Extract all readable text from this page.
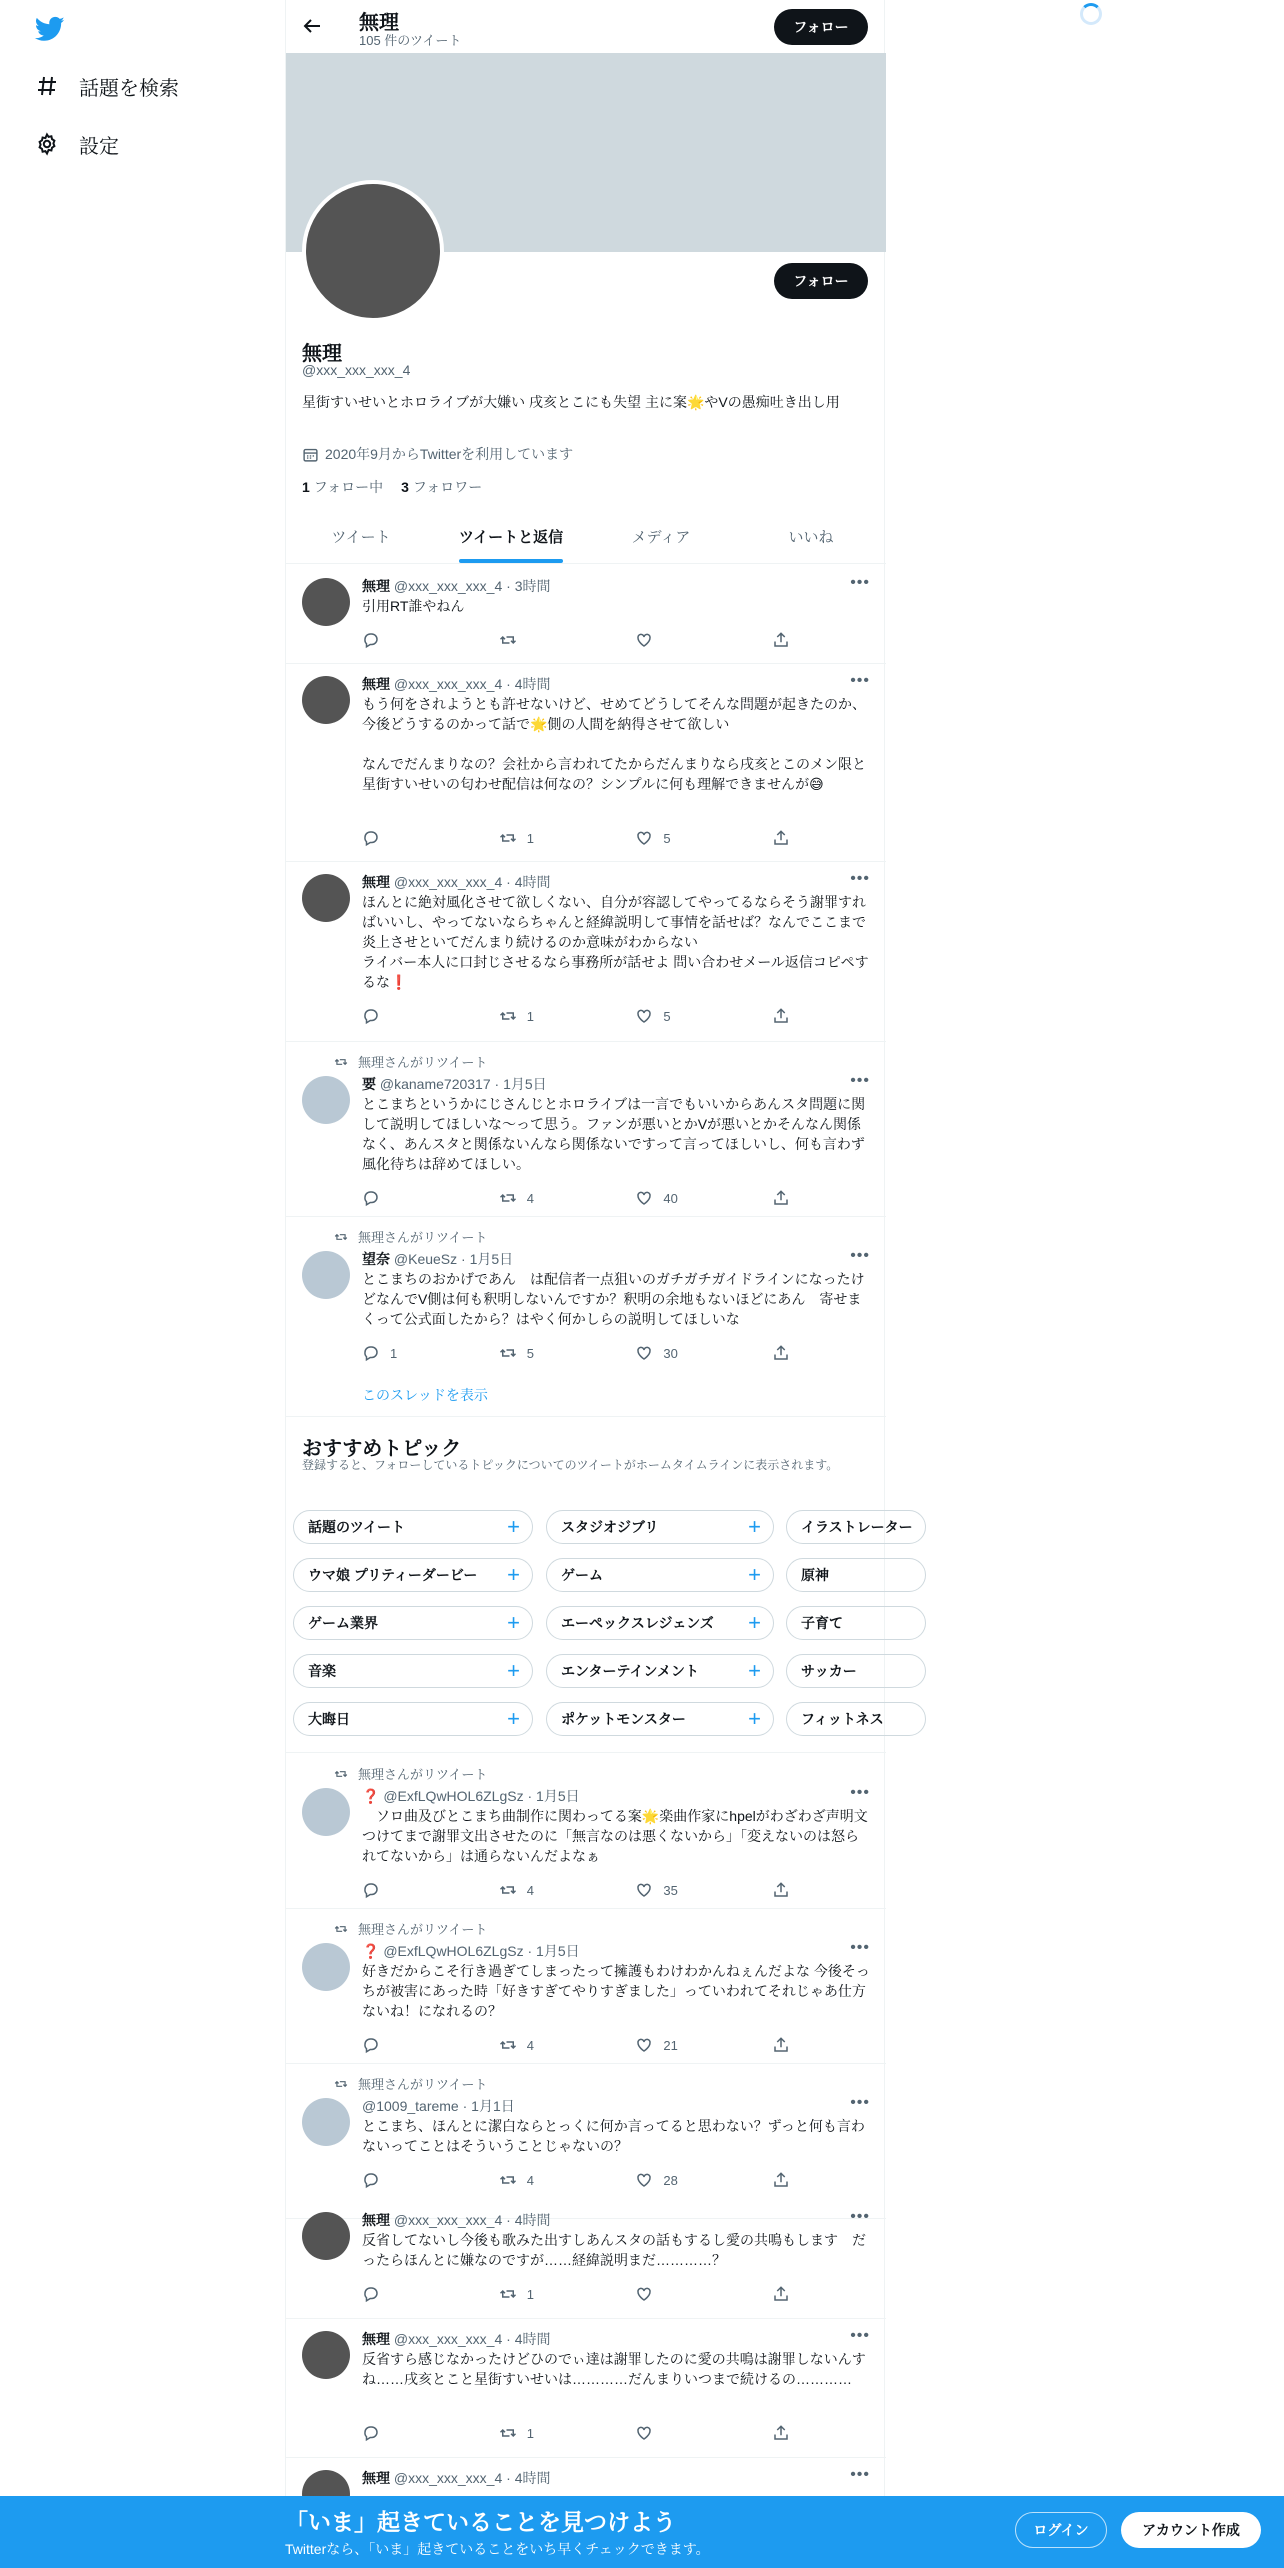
話題を検索
設定
無理
105 件のツイート
フォロー
フォロー
無理
@xxx_xxx_xxx_4
星街すいせいとホロライブが大嫌い 戌亥とこにも失望 主に案🌟やVの愚痴吐き出し用
2020年9月からTwitterを利用しています
1 フォロー中 3 フォロワー
ツイート	ツイートと返信	メディア	いいね
無理 @xxx_xxx_xxx_4 · 3時間	•••
引用RT誰やねん
無理 @xxx_xxx_xxx_4 · 4時間	•••
もう何をされようとも許せないけど、せめてどうしてそんな問題が起きたのか、今後どうするのかって話で🌟側の人間を納得させて欲しい

なんでだんまりなの？会社から言われてたからだんまりなら戌亥とこのメン限と星街すいせいの匂わせ配信は何なの？シンプルに何も理解できませんが😅
1	5
無理 @xxx_xxx_xxx_4 · 4時間	•••
ほんとに絶対風化させて欲しくない、自分が容認してやってるならそう謝罪すればいいし、やってないならちゃんと経緯説明して事情を話せば？なんでここまで炎上させといてだんまり続けるのか意味がわからない
ライバー本人に口封じさせるなら事務所が話せよ 問い合わせメール返信コピペするな❗
1	5
無理さんがリツイート
要 @kaname720317 · 1月5日	•••
とこまちというかにじさんじとホロライブは一言でもいいからあんスタ問題に関して説明してほしいな〜って思う。ファンが悪いとかVが悪いとかそんなん関係なく、あんスタと関係ないんなら関係ないですって言ってほしいし、何も言わず風化待ちは辞めてほしい。
4	40
無理さんがリツイート
望奈 @KeueSz · 1月5日	•••
とこまちのおかげであん　は配信者一点狙いのガチガチガイドラインになったけどなんでV側は何も釈明しないんですか？釈明の余地もないほどにあん　寄せまくって公式面したから？はやく何かしらの説明してほしいな
1	5	30
このスレッドを表示
無理さんがリツイート
❓ @ExfLQwHOL6ZLgSz · 1月5日	•••
　ソロ曲及びとこまち曲制作に関わってる案🌟楽曲作家にhpelがわざわざ声明文つけてまで謝罪文出させたのに「無言なのは悪くないから」「変えないのは怒られてないから」は通らないんだよなぁ
4	35
無理さんがリツイート
❓ @ExfLQwHOL6ZLgSz · 1月5日	•••
好きだからこそ行き過ぎてしまったって擁護もわけわかんねぇんだよな 今後そっちが被害にあった時「好きすぎてやりすぎました」っていわれてそれじゃあ仕方ないね！になれるの？
4	21
無理さんがリツイート
@1009_tareme · 1月1日	•••
とこまち、ほんとに潔白ならとっくに何か言ってると思わない？ずっと何も言わないってことはそういうことじゃないの？
4	28
無理 @xxx_xxx_xxx_4 · 4時間	•••
反省してないし今後も歌みた出すしあんスタの話もするし愛の共鳴もします　だったらほんとに嫌なのですが……経緯説明まだ…………？
1
無理 @xxx_xxx_xxx_4 · 4時間	•••
反省すら感じなかったけどひのでぃ達は謝罪したのに愛の共鳴は謝罪しないんすね……戌亥とこと星街すいせいは…………だんまりいつまで続けるの…………
1
無理 @xxx_xxx_xxx_4 · 4時間	•••
おすすめトピック
登録すると、フォローしているトピックについてのツイートがホームタイムラインに表示されます。
話題のツイート	+	スタジオジブリ	+	イラストレーター
ウマ娘 プリティーダービー +	ゲーム	+	原神
ゲーム業界	+	エーペックスレジェンズ +	子育て
音楽	+	エンターテインメント +	サッカー
大晦日	+	ポケットモンスター	+	フィットネス
「いま」起きていることを見つけよう
Twitterなら、「いま」起きていることをいち早くチェックできます。
ログイン	アカウント作成
